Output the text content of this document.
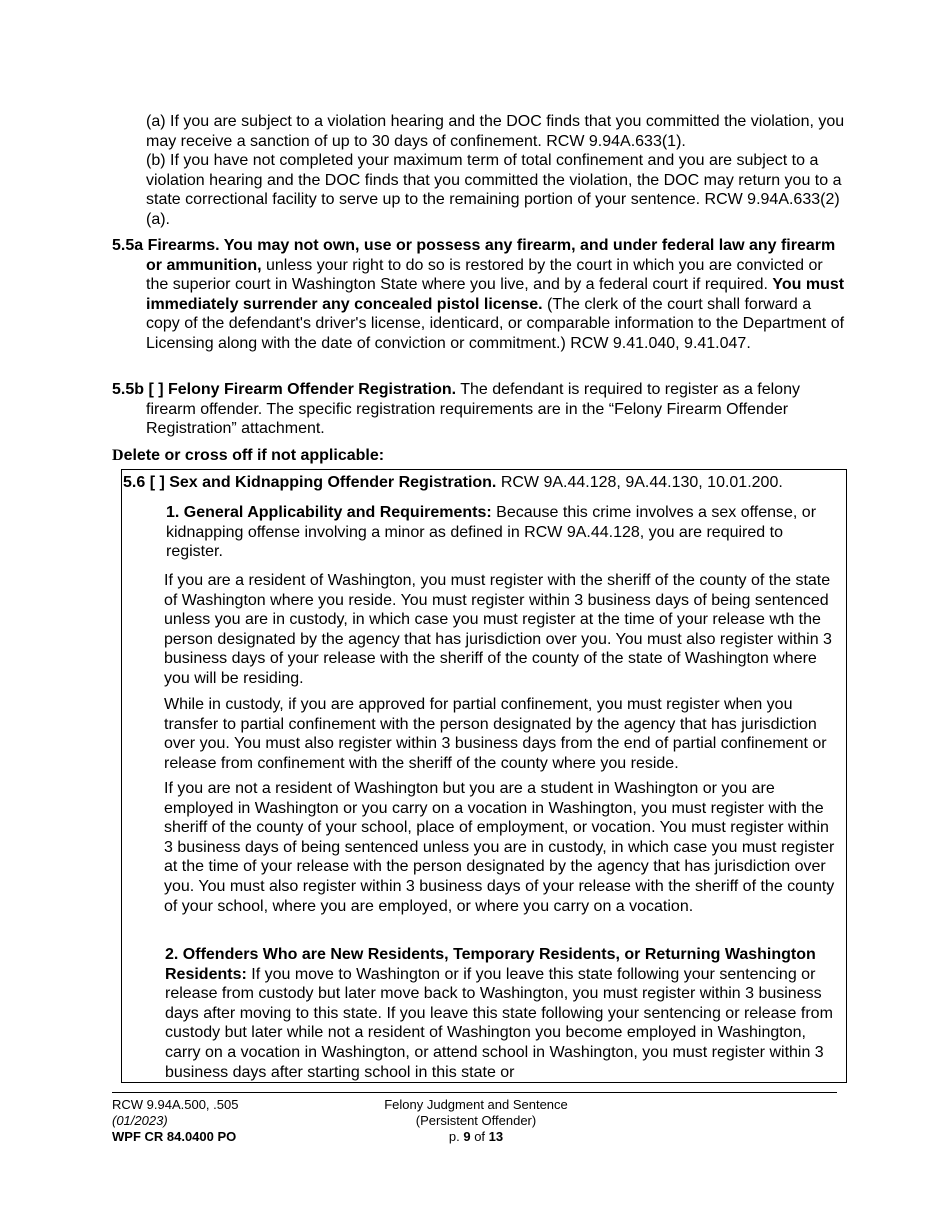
(a) If you are subject to a violation hearing and the DOC finds that you committed the violation, you may receive a sanction of up to 30 days of confinement. RCW 9.94A.633(1).
(b) If you have not completed your maximum term of total confinement and you are subject to a violation hearing and the DOC finds that you committed the violation, the DOC may return you to a state correctional facility to serve up to the remaining portion of your sentence. RCW 9.94A.633(2)(a).
5.5a Firearms. You may not own, use or possess any firearm, and under federal law any firearm or ammunition, unless your right to do so is restored by the court in which you are convicted or the superior court in Washington State where you live, and by a federal court if required. You must immediately surrender any concealed pistol license. (The clerk of the court shall forward a copy of the defendant's driver's license, identicard, or comparable information to the Department of Licensing along with the date of conviction or commitment.) RCW 9.41.040, 9.41.047.
5.5b [ ] Felony Firearm Offender Registration. The defendant is required to register as a felony firearm offender. The specific registration requirements are in the “Felony Firearm Offender Registration” attachment.
Delete or cross off if not applicable:
5.6 [ ] Sex and Kidnapping Offender Registration. RCW 9A.44.128, 9A.44.130, 10.01.200.
1. General Applicability and Requirements: Because this crime involves a sex offense, or kidnapping offense involving a minor as defined in RCW 9A.44.128, you are required to register.
If you are a resident of Washington, you must register with the sheriff of the county of the state of Washington where you reside. You must register within 3 business days of being sentenced unless you are in custody, in which case you must register at the time of your release wth the person designated by the agency that has jurisdiction over you. You must also register within 3 business days of your release with the sheriff of the county of the state of Washington where you will be residing.
While in custody, if you are approved for partial confinement, you must register when you transfer to partial confinement with the person designated by the agency that has jurisdiction over you. You must also register within 3 business days from the end of partial confinement or release from confinement with the sheriff of the county where you reside.
If you are not a resident of Washington but you are a student in Washington or you are employed in Washington or you carry on a vocation in Washington, you must register with the sheriff of the county of your school, place of employment, or vocation. You must register within 3 business days of being sentenced unless you are in custody, in which case you must register at the time of your release with the person designated by the agency that has jurisdiction over you. You must also register within 3 business days of your release with the sheriff of the county of your school, where you are employed, or where you carry on a vocation.
2. Offenders Who are New Residents, Temporary Residents, or Returning Washington Residents: If you move to Washington or if you leave this state following your sentencing or release from custody but later move back to Washington, you must register within 3 business days after moving to this state. If you leave this state following your sentencing or release from custody but later while not a resident of Washington you become employed in Washington, carry on a vocation in Washington, or attend school in Washington, you must register within 3 business days after starting school in this state or
RCW 9.94A.500, .505
(01/2023)
WPF CR 84.0400 PO
Felony Judgment and Sentence
(Persistent Offender)
p. 9 of 13
